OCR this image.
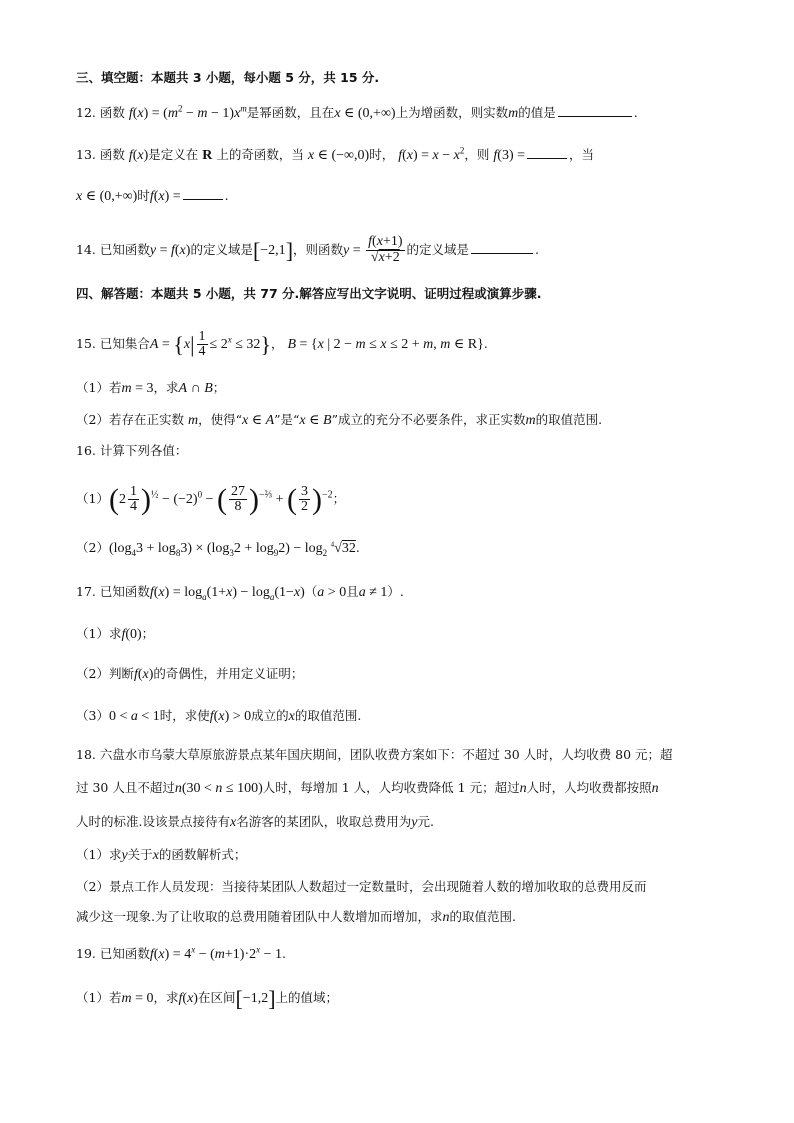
三、填空题：本题共 3 小题，每小题 5 分，共 15 分.
12. 函数 $f(x) = (m^2 - m - 1)x^m$是幂函数，且在x ∈ (0,+∞)上为增函数，则实数m的值是	.
13. 函数 f(x)是定义在 R 上的奇函数，当 x ∈ (−∞,0)时， $f(x) = x - x^2$，则 f(3) =	，当
x ∈ (0,+∞)时f(x) =	.
14. 已知函数y = f(x)的定义域是[−2,1]，则函数$y = \frac{f(x+1)}{√x+2}$ 的定义域是	.
四、解答题：本题共 5 小题，共 77 分.解答应写出文字说明、证明过程或演算步骤.
15. 已知集合$A = \{x| \frac{1}{4} \le 2^x \le 32\}$， B = {x | 2 − m ≤ x ≤ 2 + m, m ∈ R}.
（1）若m = 3，求A ∩ B；
（2）若存在正实数 m，使得“x ∈ A”是“x ∈ B”成立的充分不必要条件，求正实数m的取值范围.
16. 计算下列各值：
$(1)(2 \frac{1}{4} )^{\frac{1}{2}} - (-2)^0$ − ( $\frac{27}{8} )^{-\frac{2}{3}}$ + ( $\frac{3}{2} )^{-2}$；
$(2)(\log_43 + \log_83) \times (\log_32 + \log_92) - \log_2 ^4√32$.
17. 已知函数$f(x) = \log_a(1+x) - \log_a(1-x)(a > 0$且a ≠ 1）.
（1）求f(0)；
（2）判断f(x)的奇偶性，并用定义证明；
（3）0 < a < 1时，求使f(x) > 0成立的x的取值范围.
18. 六盘水市乌蒙大草原旅游景点某年国庆期间，团队收费方案如下：不超过 30 人时，人均收费 80 元；超
过 30 人且不超过n(30 < n ≤ 100)人时，每增加 1 人，人均收费降低 1 元；超过n人时，人均收费都按照n
人时的标准.设该景点接待有x名游客的某团队，收取总费用为y元.
（1）求y关于x的函数解析式；
（2）景点工作人员发现：当接待某团队人数超过一定数量时，会出现随着人数的增加收取的总费用反而
减少这一现象.为了让收取的总费用随着团队中人数增加而增加，求n的取值范围.
19. 已知函数$f(x) = 4^x - (m+1)\cdot 2^x - 1$.
（1）若m = 0，求f(x)在区间[−1,2]上的值域；
